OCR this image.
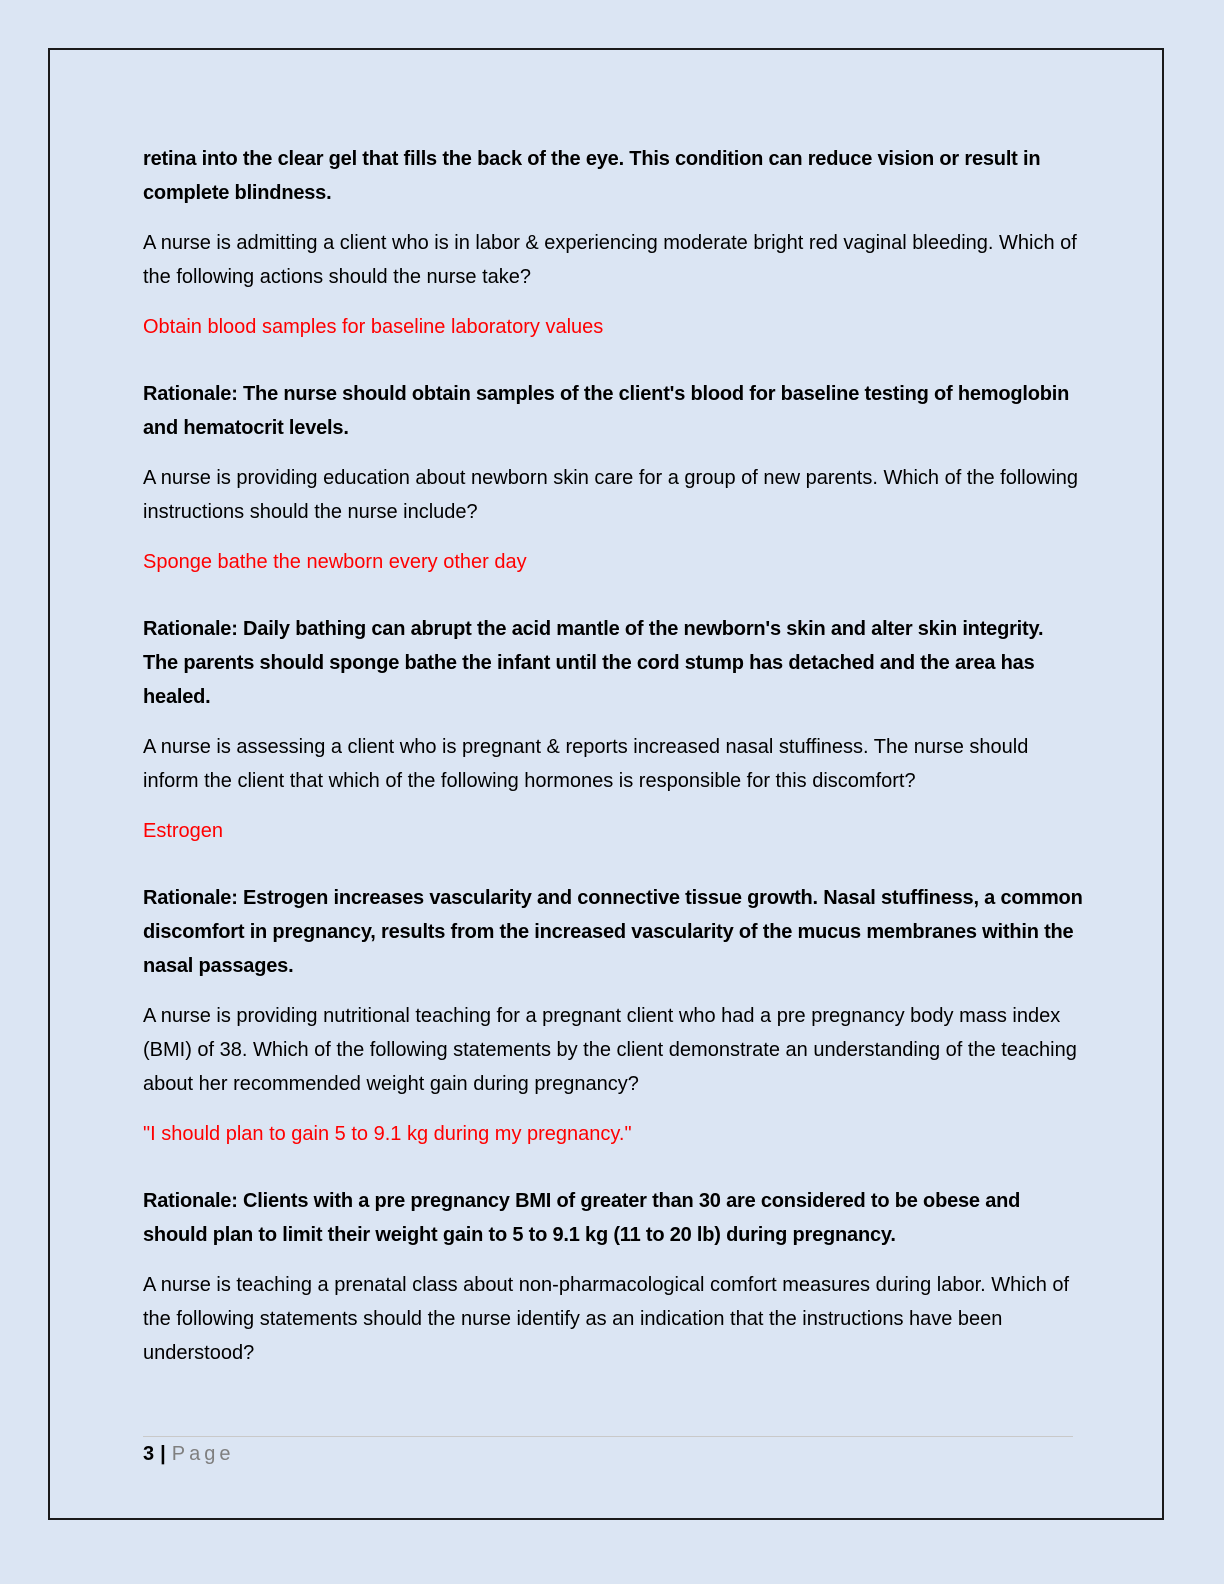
retina into the clear gel that fills the back of the eye. This condition can reduce vision or result in complete blindness.

A nurse is admitting a client who is in labor & experiencing moderate bright red vaginal bleeding. Which of the following actions should the nurse take?

Obtain blood samples for baseline laboratory values

Rationale: The nurse should obtain samples of the client's blood for baseline testing of hemoglobin and hematocrit levels.

A nurse is providing education about newborn skin care for a group of new parents. Which of the following instructions should the nurse include?

Sponge bathe the newborn every other day

Rationale: Daily bathing can abrupt the acid mantle of the newborn's skin and alter skin integrity. The parents should sponge bathe the infant until the cord stump has detached and the area has healed.

A nurse is assessing a client who is pregnant & reports increased nasal stuffiness. The nurse should inform the client that which of the following hormones is responsible for this discomfort?

Estrogen

Rationale: Estrogen increases vascularity and connective tissue growth. Nasal stuffiness, a common discomfort in pregnancy, results from the increased vascularity of the mucus membranes within the nasal passages.

A nurse is providing nutritional teaching for a pregnant client who had a pre pregnancy body mass index (BMI) of 38. Which of the following statements by the client demonstrate an understanding of the teaching about her recommended weight gain during pregnancy?

"I should plan to gain 5 to 9.1 kg during my pregnancy."

Rationale: Clients with a pre pregnancy BMI of greater than 30 are considered to be obese and should plan to limit their weight gain to 5 to 9.1 kg (11 to 20 lb) during pregnancy.

A nurse is teaching a prenatal class about non-pharmacological comfort measures during labor. Which of the following statements should the nurse identify as an indication that the instructions have been understood?

3 | Page
